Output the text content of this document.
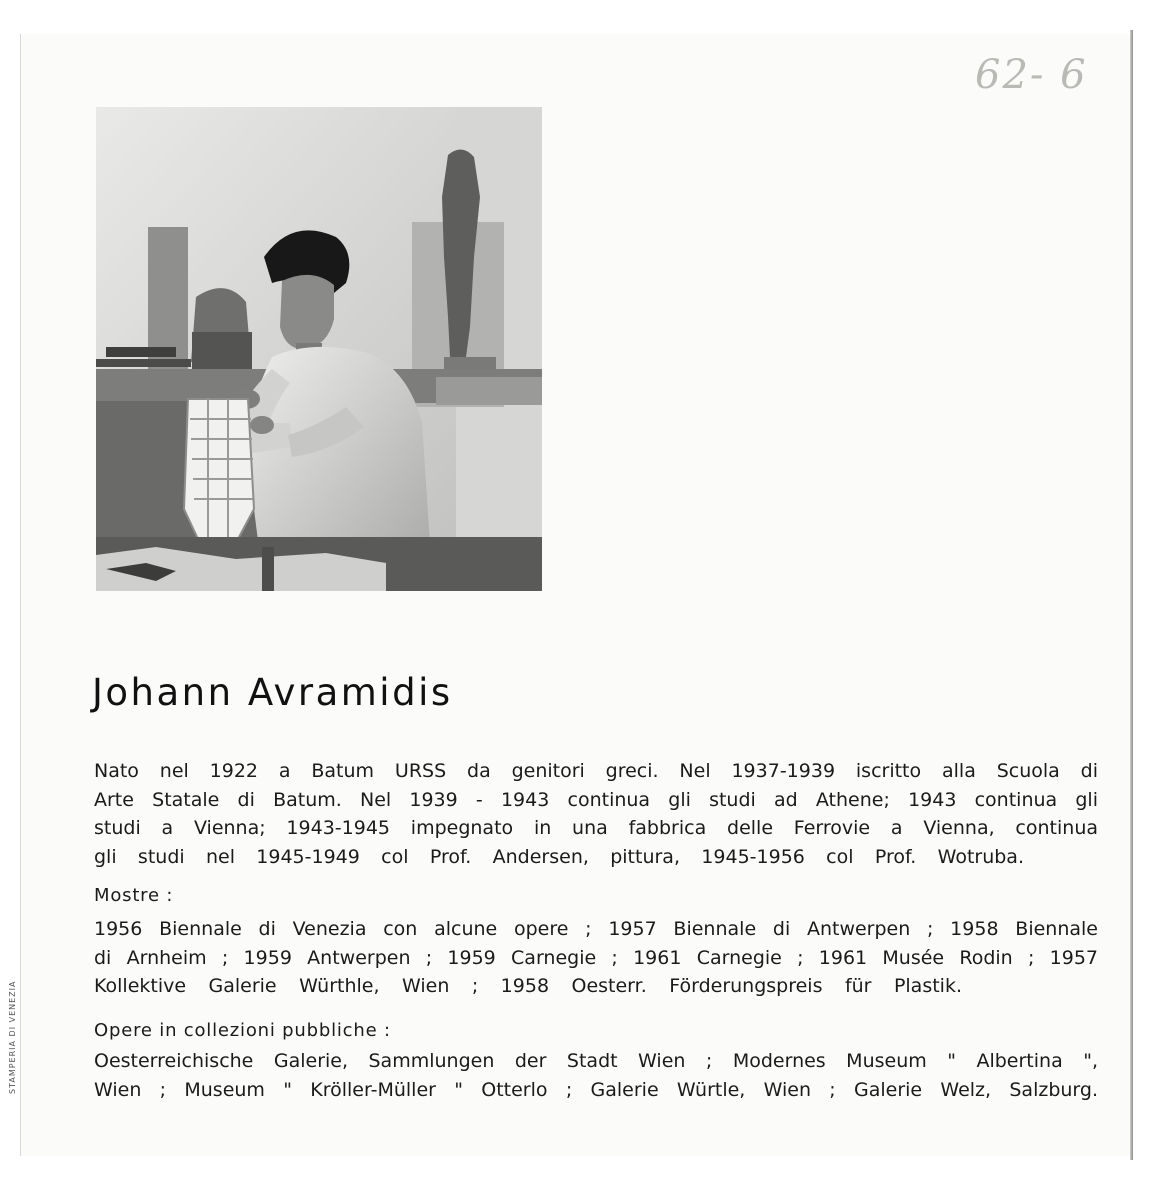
STAMPERIA DI VENEZIA
62- 6
Johann Avramidis
Nato nel 1922 a Batum URSS da genitori greci. Nel 1937-1939 iscritto alla Scuola di
Arte Statale di Batum. Nel 1939 - 1943 continua gli studi ad Athene; 1943 continua gli
studi a Vienna; 1943-1945 impegnato in una fabbrica delle Ferrovie a Vienna, continua
gli studi nel 1945-1949 col Prof. Andersen, pittura, 1945-1956 col Prof. Wotruba.
Mostre :
1956 Biennale di Venezia con alcune opere ; 1957 Biennale di Antwerpen ; 1958 Biennale
di Arnheim ; 1959 Antwerpen ; 1959 Carnegie ; 1961 Carnegie ; 1961 Musée Rodin ; 1957
Kollektive Galerie Würthle, Wien ; 1958 Oesterr. Förderungspreis für Plastik.
Opere in collezioni pubbliche :
Oesterreichische Galerie, Sammlungen der Stadt Wien ; Modernes Museum " Albertina ",
Wien ; Museum " Kröller-Müller " Otterlo ; Galerie Würtle, Wien ; Galerie Welz, Salzburg.
